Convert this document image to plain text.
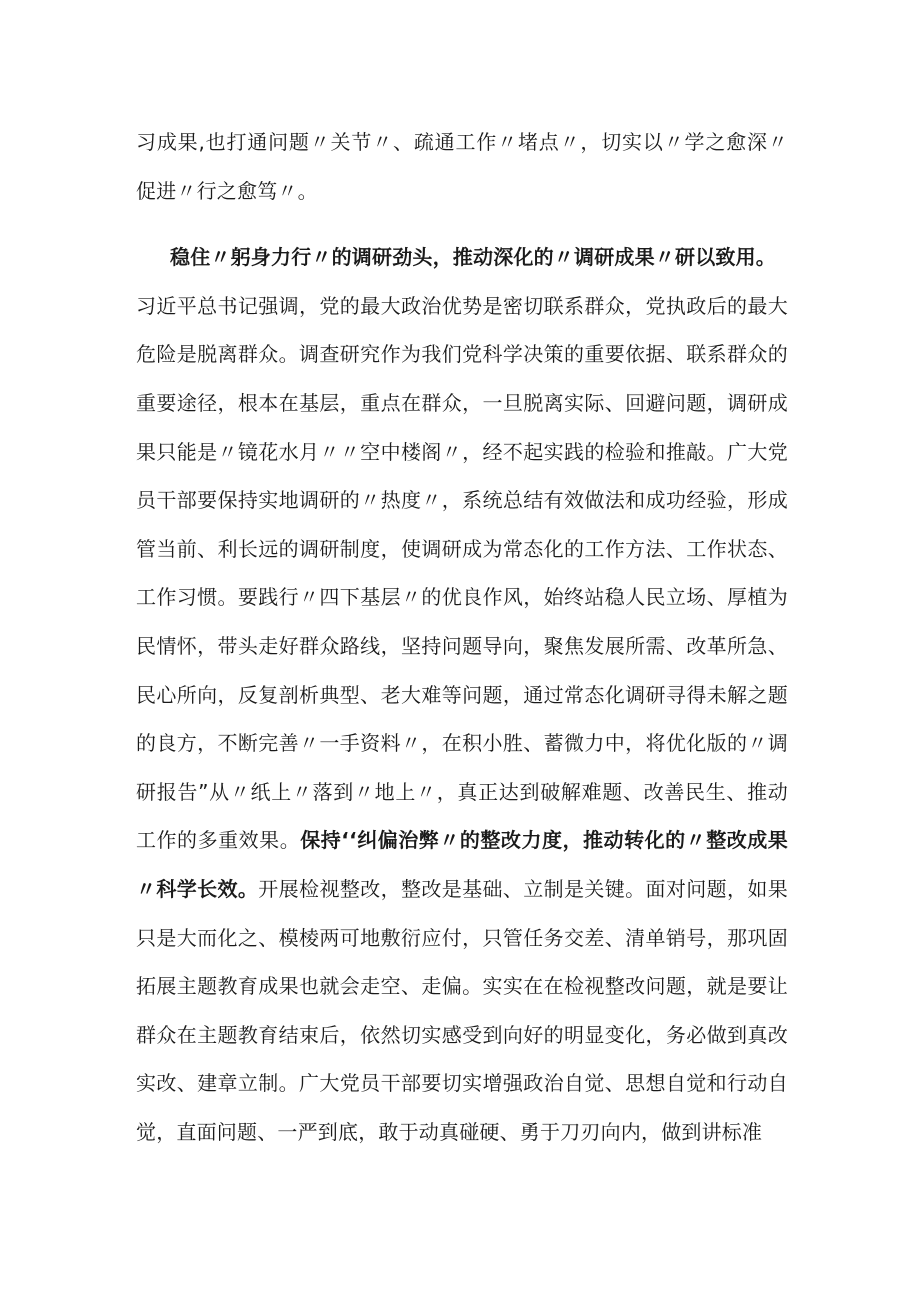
习成果,也打通问题〃关节〃、疏通工作〃堵点〃，切实以〃学之愈深〃促进〃行之愈笃〃。

稳住〃躬身力行〃的调研劲头，推动深化的〃调研成果〃研以致用。
习近平总书记强调，党的最大政治优势是密切联系群众，党执政后的最大危险是脱离群众。调查研究作为我们党科学决策的重要依据、联系群众的重要途径，根本在基层，重点在群众，一旦脱离实际、回避问题，调研成果只能是〃镜花水月〃〃空中楼阁〃，经不起实践的检验和推敲。广大党员干部要保持实地调研的〃热度〃，系统总结有效做法和成功经验，形成管当前、利长远的调研制度，使调研成为常态化的工作方法、工作状态、工作习惯。要践行〃四下基层〃的优良作风，始终站稳人民立场、厚植为民情怀，带头走好群众路线，坚持问题导向，聚焦发展所需、改革所急、民心所向，反复剖析典型、老大难等问题，通过常态化调研寻得未解之题的良方，不断完善〃一手资料〃，在积小胜、蓄微力中，将优化版的〃调研报告”从〃纸上〃落到〃地上〃，真正达到破解难题、改善民生、推动工作的多重效果。保持‘‘纠偏治弊〃的整改力度，推动转化的〃整改成果〃科学长效。开展检视整改，整改是基础、立制是关键。面对问题，如果只是大而化之、模棱两可地敷衍应付，只管任务交差、清单销号，那巩固拓展主题教育成果也就会走空、走偏。实实在在检视整改问题，就是要让群众在主题教育结束后，依然切实感受到向好的明显变化，务必做到真改实改、建章立制。广大党员干部要切实增强政治自觉、思想自觉和行动自觉，直面问题、一严到底，敢于动真碰硬、勇于刀刃向内，做到讲标准
